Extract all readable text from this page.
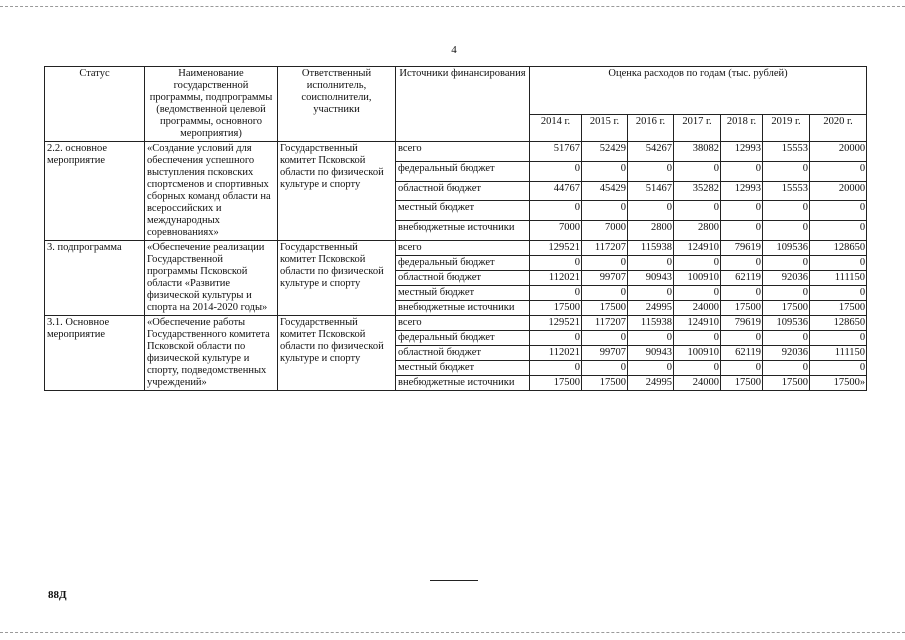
4
Статус	Наименование государственной программы, подпрограммы (ведомственной целевой программы, основного мероприятия)	Ответственный исполнитель, соисполнители, участники	Источники финансирования	Оценка расходов по годам (тыс. рублей)						
				2014 г.	2015 г.	2016 г.	2017 г.	2018 г.	2019 г.	2020 г.
2.2. основное мероприятие	«Создание условий для обеспечения успешного выступления псковских спортсменов и спортивных сборных команд области на всероссийских и международных соревнованиях»	Государственный комитет Псковской области по физической культуре и спорту	всего	51767	52429	54267	38082	12993	15553	20000
			федеральный бюджет	0	0	0	0	0	0	0
			областной бюджет	44767	45429	51467	35282	12993	15553	20000
			местный бюджет	0	0	0	0	0	0	0
			внебюджетные источники	7000	7000	2800	2800	0	0	0
3. подпрограмма	«Обеспечение реализации Государственной программы Псковской области «Развитие физической культуры и спорта на 2014-2020 годы»	Государственный комитет Псковской области по физической культуре и спорту	всего	129521	117207	115938	124910	79619	109536	128650
			федеральный бюджет	0	0	0	0	0	0	0
			областной бюджет	112021	99707	90943	100910	62119	92036	111150
			местный бюджет	0	0	0	0	0	0	0
			внебюджетные источники	17500	17500	24995	24000	17500	17500	17500
3.1. Основное мероприятие	«Обеспечение работы Государственного комитета Псковской области по физической культуре и спорту, подведомственных учреждений»	Государственный комитет Псковской области по физической культуре и спорту	всего	129521	117207	115938	124910	79619	109536	128650
			федеральный бюджет	0	0	0	0	0	0	0
			областной бюджет	112021	99707	90943	100910	62119	92036	111150
			местный бюджет	0	0	0	0	0	0	0
			внебюджетные источники	17500	17500	24995	24000	17500	17500	17500»
88Д
